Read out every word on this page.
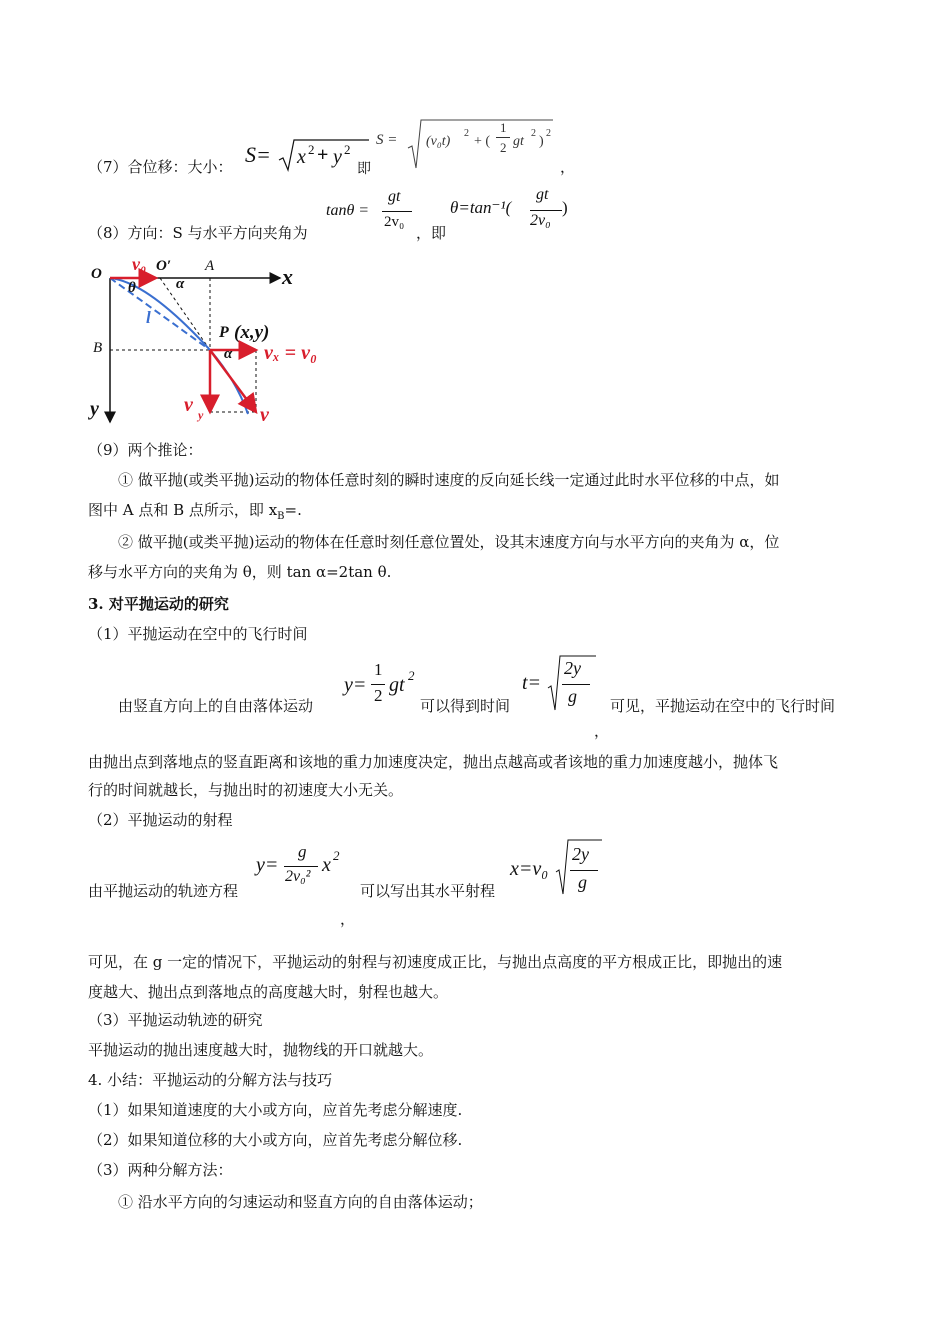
（7）合位移：大小： S= x 2 + y 2
即
S = (v₀t)
2
+ (
1
2 gt
2
)
2
，
（8）方向：S 与水平方向夹角为
tanθ =
gt
2v₀
，即
θ=tan⁻¹(
gt
2v₀
)
O v₀ O′ A	x
θ	α
l
B
P (x,y)
α vₓ = v₀
y	v y	v
（9）两个推论：
① 做平抛(或类平抛)运动的物体任意时刻的瞬时速度的反向延长线一定通过此时水平位移的中点，如
图中 A 点和 B 点所示，即 $x_B=$.
② 做平抛(或类平抛)运动的物体在任意时刻任意位置处，设其末速度方向与水平方向的夹角为 α，位
移与水平方向的夹角为 θ，则 tan α=2tan θ.
3. 对平抛运动的研究
（1）平抛运动在空中的飞行时间
由竖直方向上的自由落体运动
y=
1
2 gt 2
可以得到时间
t=
2y
g
，
可见，平抛运动在空中的飞行时间
由抛出点到落地点的竖直距离和该地的重力加速度决定，抛出点越高或者该地的重力加速度越小，抛体飞
行的时间就越长，与抛出时的初速度大小无关。
（2）平抛运动的射程
由平抛运动的轨迹方程
y=
g
2v₀²
x 2
可以写出其水平射程
，
x=v₀
2y
g
可见，在 g 一定的情况下，平抛运动的射程与初速度成正比，与抛出点高度的平方根成正比，即抛出的速
度越大、抛出点到落地点的高度越大时，射程也越大。
（3）平抛运动轨迹的研究
平抛运动的抛出速度越大时，抛物线的开口就越大。
4. 小结：平抛运动的分解方法与技巧
（1）如果知道速度的大小或方向，应首先考虑分解速度.
（2）如果知道位移的大小或方向，应首先考虑分解位移.
（3）两种分解方法：
① 沿水平方向的匀速运动和竖直方向的自由落体运动；
